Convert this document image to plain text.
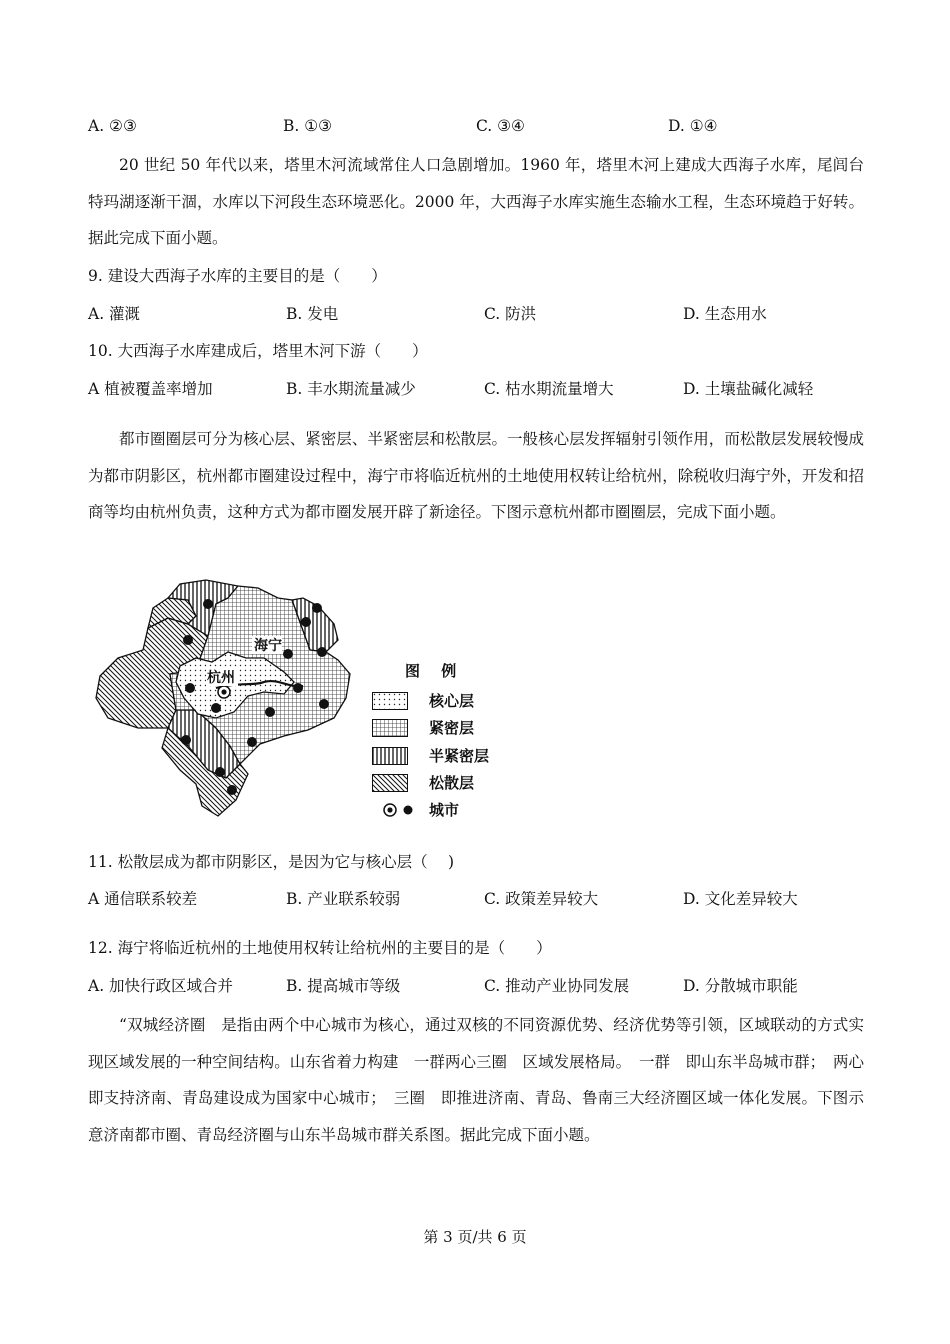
A. ②③	B. ①③	C. ③④	D. ①④
20 世纪 50 年代以来，塔里木河流域常住人口急剧增加。1960 年，塔里木河上建成大西海子水库，尾闾台特玛湖逐渐干涸，水库以下河段生态环境恶化。2000 年，大西海子水库实施生态输水工程，生态环境趋于好转。据此完成下面小题。
9. 建设大西海子水库的主要目的是（　　）
A. 灌溉	B. 发电	C. 防洪	D. 生态用水
10. 大西海子水库建成后，塔里木河下游（　　）
A 植被覆盖率增加	B. 丰水期流量减少	C. 枯水期流量增大	D. 土壤盐碱化减轻
都市圈圈层可分为核心层、紧密层、半紧密层和松散层。一般核心层发挥辐射引领作用，而松散层发展较慢成为都市阴影区，杭州都市圈建设过程中，海宁市将临近杭州的土地使用权转让给杭州，除税收归海宁外，开发和招商等均由杭州负责，这种方式为都市圈发展开辟了新途径。下图示意杭州都市圈圈层，完成下面小题。
海宁
杭州	图 例
核心层
紧密层
半紧密层
松散层
城市
11. 松散层成为都市阴影区，是因为它与核心层（　 )
A 通信联系较差	B. 产业联系较弱	C. 政策差异较大	D. 文化差异较大
12. 海宁将临近杭州的土地使用权转让给杭州的主要目的是（　　）
A. 加快行政区域合并	B. 提高城市等级	C. 推动产业协同发展	D. 分散城市职能
“双城经济圈　是指由两个中心城市为核心，通过双核的不同资源优势、经济优势等引领，区域联动的方式实现区域发展的一种空间结构。山东省着力构建　一群两心三圈　区域发展格局。　一群　即山东半岛城市群；　两心　即支持济南、青岛建设成为国家中心城市；　三圈　即推进济南、青岛、鲁南三大经济圈区域一体化发展。下图示意济南都市圈、青岛经济圈与山东半岛城市群关系图。据此完成下面小题。
第 3 页/共 6 页
